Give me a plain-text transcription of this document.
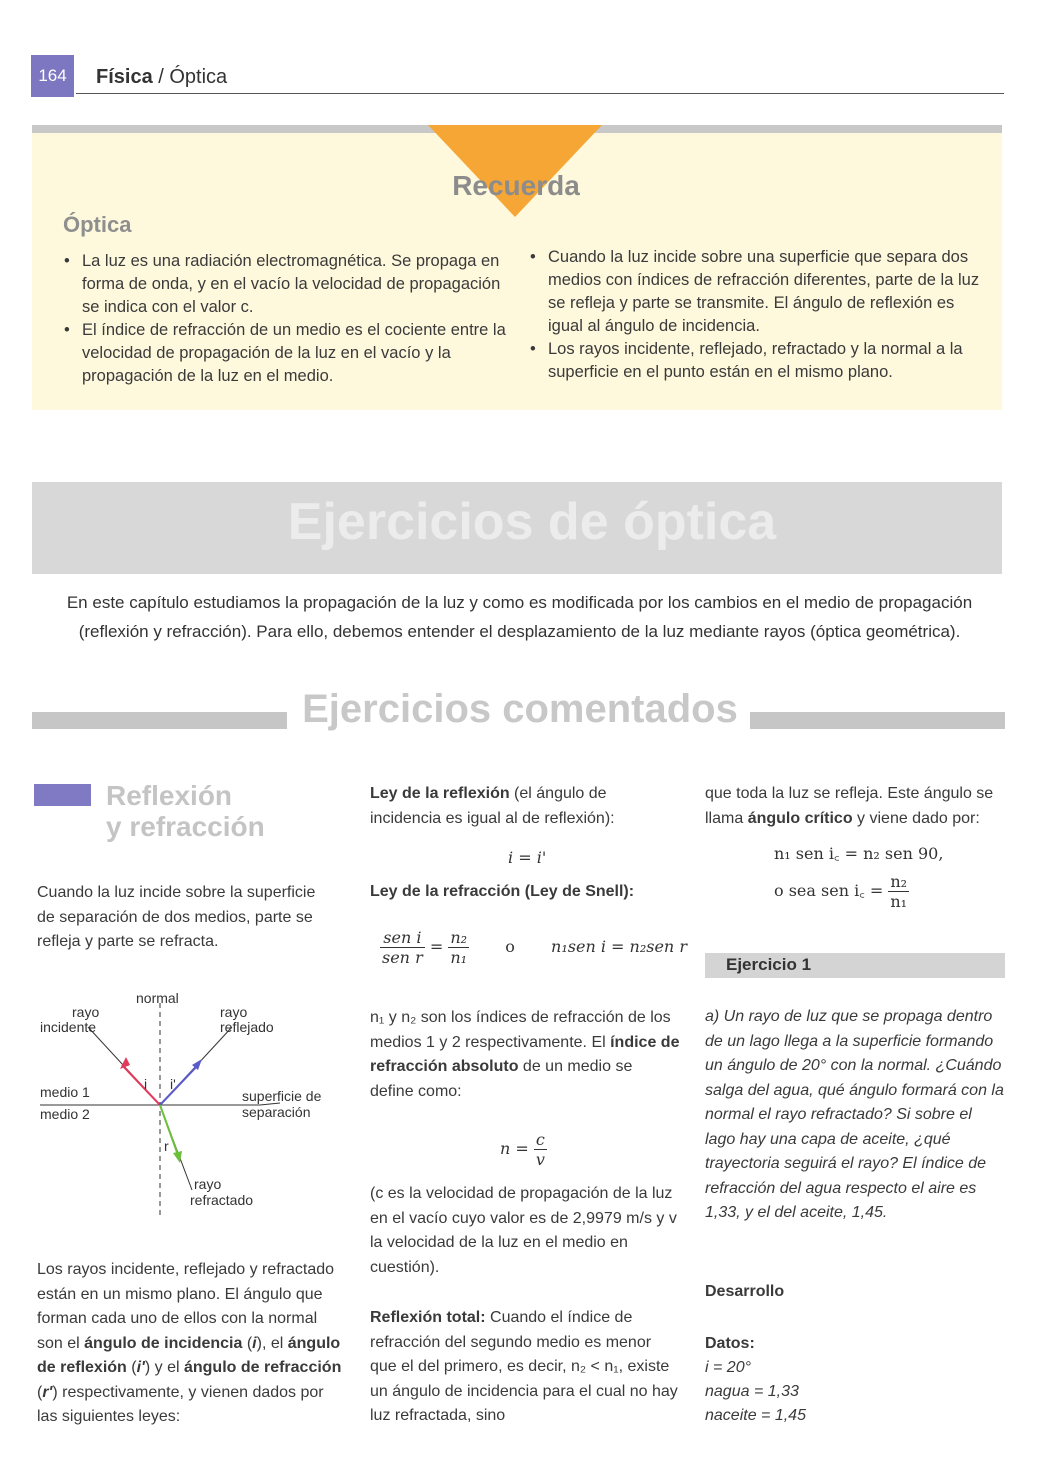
164	Física / Óptica
Recuerda
Óptica
• La luz es una radiación electromagnética. Se propaga en forma de onda, y en el vacío la velocidad de propagación se indica con el valor c.
• El índice de refracción de un medio es el cociente entre la velocidad de propagación de la luz en el vacío y la propagación de la luz en el medio.
• Cuando la luz incide sobre una superficie que separa dos medios con índices de refracción diferentes, parte de la luz se refleja y parte se transmite. El ángulo de reflexión es igual al ángulo de incidencia.
• Los rayos incidente, reflejado, refractado y la normal a la superficie en el punto están en el mismo plano.
Ejercicios de óptica
En este capítulo estudiamos la propagación de la luz y como es modificada por los cambios en el medio de propagación (reflexión y refracción). Para ello, debemos entender el desplazamiento de la luz mediante rayos (óptica geométrica).
Ejercicios comentados
Reflexión
y refracción

Cuando la luz incide sobre la superficie de separación de dos medios, parte se refleja y parte se refracta.

normal
rayo
incidente
rayo
reflejado
i i'
medio 1
medio 2
superficie de
separación
r
rayo
refractado

Los rayos incidente, reflejado y refractado están en un mismo plano. El ángulo que forman cada uno de ellos con la normal son el ángulo de incidencia (i), el ángulo de reflexión (i') y el ángulo de refracción (r') respectivamente, y vienen dados por las siguientes leyes:

Ley de la reflexión (el ángulo de incidencia es igual al de reflexión):

i = i'

Ley de la refracción (Ley de Snell):

$\frac{\text{sen i}}{\text{sen r}} = \frac{\text{n₂}}{\text{n₁}}$ o n₁sen i = n₂sen r

n₁ y n₂ son los índices de refracción de los medios 1 y 2 respectivamente. El índice de refracción absoluto de un medio se define como:

$n = \frac{c}{v}$

(c es la velocidad de propagación de la luz en el vacío cuyo valor es de 2,9979 m/s y v la velocidad de la luz en el medio en cuestión).

Reflexión total: Cuando el índice de refracción del segundo medio es menor que el del primero, es decir, n₂ < n₁, existe un ángulo de incidencia para el cual no hay luz refractada, sino

que toda la luz se refleja. Este ángulo se llama ángulo crítico y viene dado por:

n₁ sen i꜀ = n₂ sen 90,
o sea sen i꜀ = $\frac{\text{n₂}}{\text{n₁}}$
Ejercicio 1

a) Un rayo de luz que se propaga dentro de un lago llega a la superficie formando un ángulo de 20° con la normal. ¿Cuándo salga del agua, qué ángulo formará con la normal el rayo refractado? Si sobre el lago hay una capa de aceite, ¿qué trayectoria seguirá el rayo? El índice de refracción del agua respecto el aire es 1,33, y el del aceite, 1,45.

Desarrollo

Datos:

i = 20°

nagua = 1,33

naceite = 1,45
